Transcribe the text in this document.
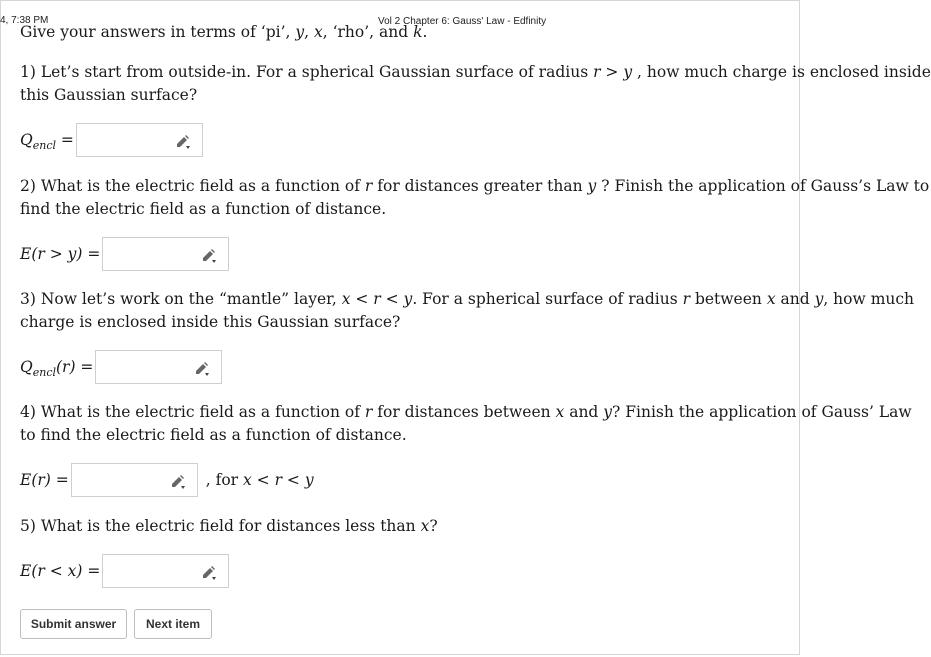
4, 7:38 PM	Vol 2 Chapter 6: Gauss' Law - Edfinity
Give your answers in terms of ‘pi’, y, x, ‘rho’, and k.
1) Let’s start from outside-in. For a spherical Gaussian surface of radius r > y , how much charge is enclosed inside
this Gaussian surface?
$Q_{encl}$ =
2) What is the electric field as a function of r for distances greater than y ? Finish the application of Gauss’s Law to
find the electric field as a function of distance.
E(r > y) =
3) Now let’s work on the “mantle” layer, x < r < y. For a spherical surface of radius r between x and y, how much
charge is enclosed inside this Gaussian surface?
$Q_{encl}(r)$ =
4) What is the electric field as a function of r for distances between x and y? Finish the application of Gauss’ Law
to find the electric field as a function of distance.
E(r) =	, for x < r < y
5) What is the electric field for distances less than x?
E(r < x) =
Submit answer	Next item
